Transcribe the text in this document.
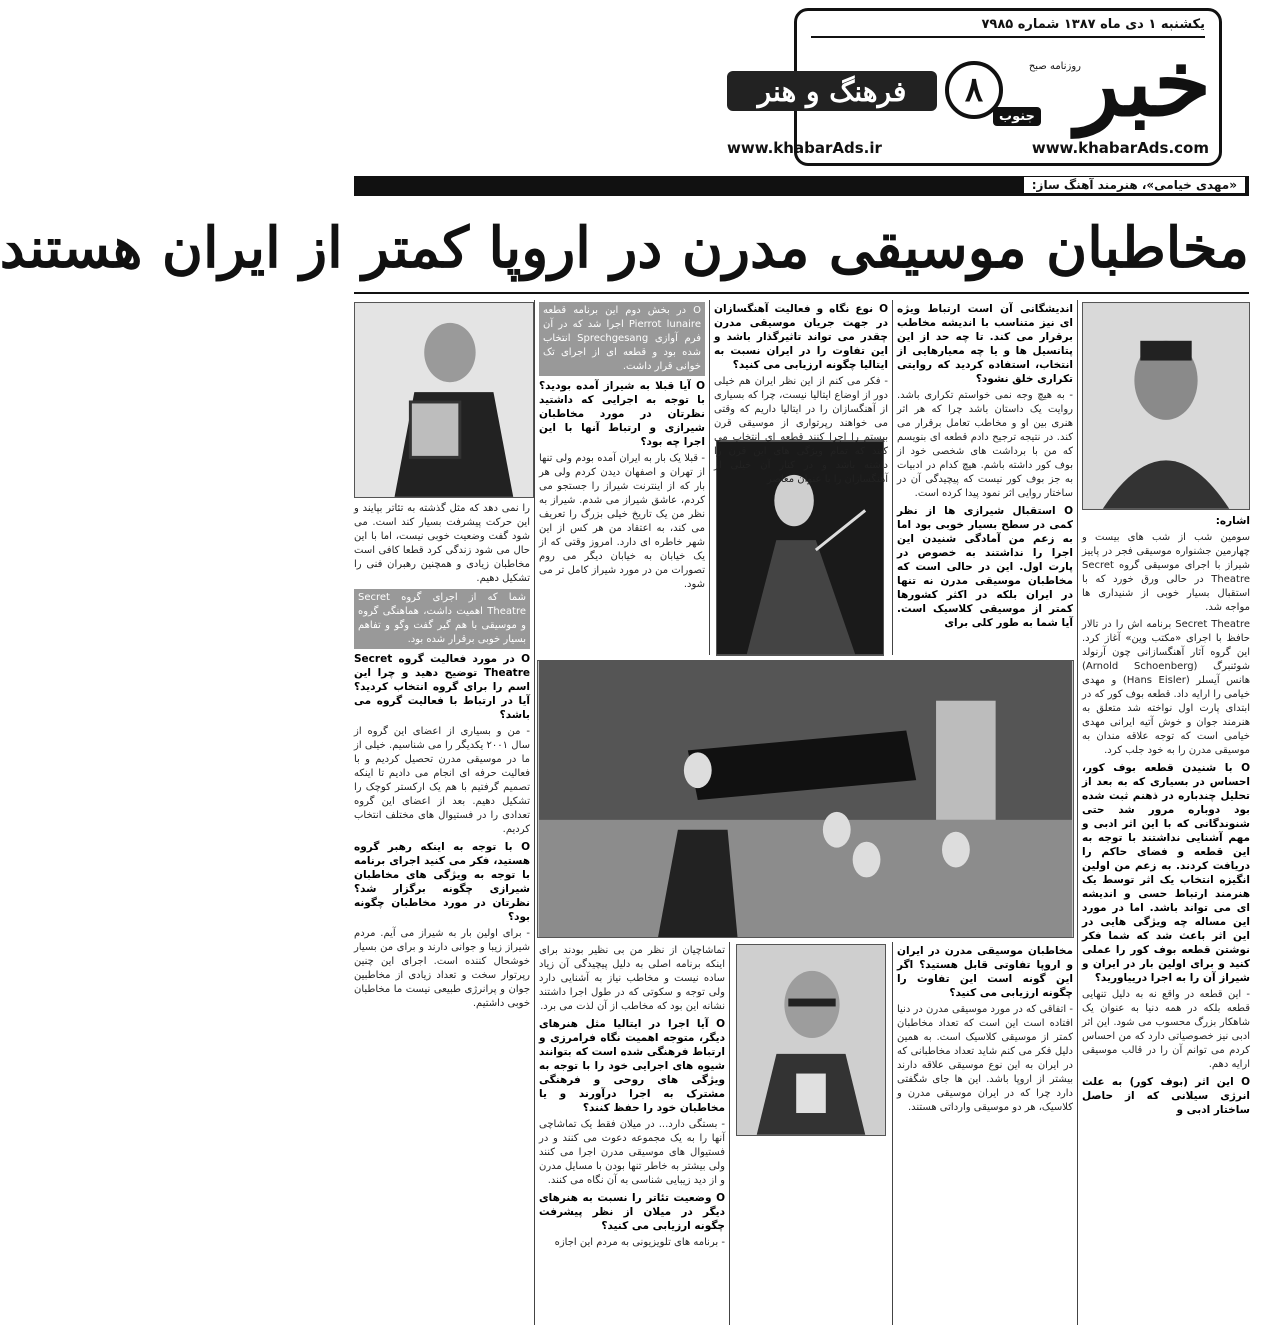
یکشنبه ۱ دی ماه ۱۳۸۷ شماره ۷۹۸۵
خبر
روزنامه صبح
جنوب
۸
فرهنگ و هنر
www.khabarAds.com
www.khabarAds.ir
«مهدی خیامی»، هنرمند آهنگ ساز:
مخاطبان موسیقی مدرن در اروپا کمتر از ایران هستند

اشاره:

سومین شب از شب های بیست و چهارمین جشنواره موسیقی فجر در پاییز شیراز با اجرای موسیقی گروه Secret Theatre در حالی ورق خورد که با استقبال بسیار خوبی از شنیداری ها مواجه شد.

Secret Theatre برنامه اش را در تالار حافظ با اجرای «مکتب وین» آغاز کرد. این گروه آثار آهنگسازانی چون آرنولد شوئنبرگ (Arnold Schoenberg) هانس آیسلر (Hans Eisler) و مهدی خیامی را ارایه داد. قطعه بوف کور که در ابتدای پارت اول نواخته شد متعلق به هنرمند جوان و خوش آتیه ایرانی مهدی خیامی است که توجه علاقه مندان به موسیقی مدرن را به خود جلب کرد.

O با شنیدن قطعه بوف کور، احساس در بسیاری که به بعد از تحلیل چندباره در ذهنم ثبت شده بود دوباره مرور شد حتی شنوندگانی که با این اثر ادبی و مهم آشنایی نداشتند با توجه به این قطعه و فضای حاکم را دریافت کردند. به زعم من اولین انگیزه انتخاب یک اثر توسط یک هنرمند ارتباط حسی و اندیشه ای می تواند باشد. اما در مورد این مساله چه ویژگی هایی در این اثر باعث شد که شما فکر نوشتن قطعه بوف کور را عملی کنید و برای اولین بار در ایران و شیراز آن را به اجرا درییاورید؟

- این قطعه در واقع نه به دلیل تنهایی قطعه بلکه در همه دنیا به عنوان یک شاهکار بزرگ محسوب می شود. این اثر ادبی نیز خصوصیاتی دارد که من احساس کردم می توانم آن را در قالب موسیقی ارایه دهم.

O این اثر (بوف کور) به علت انرژی سیلانی که از حاصل ساختار ادبی و

اندیشگانی آن است ارتباط ویژه ای نیز متناسب با اندیشه مخاطب برقرار می کند. تا چه حد از این پتانسیل ها و یا چه معیارهایی از انتخاب، استفاده کردید که روایتی تکراری خلق نشود؟

- به هیچ وجه نمی خواستم تکراری باشد. روایت یک داستان باشد چرا که هر اثر هنری بین او و مخاطب تعامل برقرار می کند. در نتیجه ترجیح دادم قطعه ای بنویسم که من با برداشت های شخصی خود از بوف کور داشته باشم. هیچ کدام در ادبیات به جز بوف کور نیست که پیچیدگی آن در ساختار روایی اثر نمود پیدا کرده است.

O استقبال شیرازی ها از نظر کمی در سطح بسیار خوبی بود اما به زعم من آمادگی شنیدن این اجرا را نداشتند به خصوص در پارت اول. این در حالی است که مخاطبان موسیقی مدرن نه تنها در ایران بلکه در اکثر کشورها کمتر از موسیقی کلاسیک است. آیا شما به طور کلی برای

O نوع نگاه و فعالیت آهنگسازان در جهت جریان موسیقی مدرن چقدر می تواند تاثیرگذار باشد و این تفاوت را در ایران نسبت به ایتالیا چگونه ارزیابی می کنید؟

- فکر می کنم از این نظر ایران هم خیلی دور از اوضاع ایتالیا نیست، چرا که بسیاری از آهنگسازان را در ایتالیا داریم که وقتی می خواهند رپرتواری از موسیقی قرن بیستم را اجرا کنند قطعه ای انتخاب می کنند که تمام ویژگی های این قرن را داشته باشد و در کنار آن خیلی از آهنگسازان را با عنوان معاصر

O در بخش دوم این برنامه قطعه Pierrot lunaire اجرا شد که در آن فرم آوازی Sprechgesang انتخاب شده بود و قطعه ای از اجرای تک خوانی قرار داشت.

O آیا قبلا به شیراز آمده بودید؟ با توجه به اجرایی که داشتید نظرتان در مورد مخاطبان شیرازی و ارتباط آنها با این اجرا چه بود؟

- قبلا یک بار به ایران آمده بودم ولی تنها از تهران و اصفهان دیدن کردم ولی هر بار که از اینترنت شیراز را جستجو می کردم، عاشق شیراز می شدم. شیراز به نظر من یک تاریخ خیلی بزرگ را تعریف می کند، به اعتقاد من هر کس از این شهر خاطره ای دارد. امروز وقتی که از یک خیابان به خیابان دیگر می روم تصورات من در مورد شیراز کامل تر می شود.

را نمی دهد که مثل گذشته به تئاتر بپایند و این حرکت پیشرفت بسیار کند است. می شود گفت وضعیت خوبی نیست، اما با این حال می شود زندگی کرد قطعا کافی است مخاطبان زیادی و همچنین رهبران فنی را تشکیل دهیم.

شما که از اجرای گروه Secret Theatre اهمیت داشت، هماهنگی گروه و موسیقی با هم گیر گفت وگو و تفاهم بسیار خوبی برقرار شده بود.

O در مورد فعالیت گروه Secret Theatre توضیح دهید و چرا این اسم را برای گروه انتخاب کردید؟ آیا در ارتباط با فعالیت گروه می باشد؟

- من و بسیاری از اعضای این گروه از سال ۲۰۰۱ یکدیگر را می شناسیم. خیلی از ما در موسیقی مدرن تحصیل کردیم و با فعالیت حرفه ای انجام می دادیم تا اینکه تصمیم گرفتیم با هم یک ارکستر کوچک را تشکیل دهیم. بعد از اعضای این گروه تعدادی را در فستیوال های مختلف انتخاب کردیم.

O با توجه به اینکه رهبر گروه هستید، فکر می کنید اجرای برنامه با توجه به ویژگی های مخاطبان شیرازی چگونه برگزار شد؟ نظرتان در مورد مخاطبان چگونه بود؟

- برای اولین بار به شیراز می آیم. مردم شیراز زیبا و جوانی دارند و برای من بسیار خوشحال کننده است. اجرای این چنین رپرتوار سخت و تعداد زیادی از مخاطبین جوان و پرانرژی طبیعی نیست ما مخاطبان خوبی داشتیم.

مخاطبان موسیقی مدرن در ایران و اروپا تفاوتی قابل هستید؟ اگر این گونه است این تفاوت را چگونه ارزیابی می کنید؟

- اتفاقی که در مورد موسیقی مدرن در دنیا افتاده است این است که تعداد مخاطبان کمتر از موسیقی کلاسیک است. به همین دلیل فکر می کنم شاید تعداد مخاطبانی که در ایران به این نوع موسیقی علاقه دارند بیشتر از اروپا باشد. این ها جای شگفتی دارد چرا که در ایران موسیقی مدرن و کلاسیک، هر دو موسیقی وارداتی هستند.

تماشاچیان از نظر من بی نظیر بودند برای اینکه برنامه اصلی به دلیل پیچیدگی آن زیاد ساده نیست و مخاطب نیاز به آشنایی دارد ولی توجه و سکوتی که در طول اجرا داشتند نشانه این بود که مخاطب از آن لذت می برد.

O آیا اجرا در ایتالیا مثل هنرهای دیگر، متوجه اهمیت نگاه فرامرزی و ارتباط فرهنگی شده است که بتوانند شیوه های اجرایی خود را با توجه به ویژگی های روحی و فرهنگی مشترک به اجرا درآورند و یا مخاطبان خود را حفظ کنند؟

- بستگی دارد... در میلان فقط یک تماشاچی آنها را به یک مجموعه دعوت می کنند و در فستیوال های موسیقی مدرن اجرا می کنند ولی بیشتر به خاطر تنها بودن با مسایل مدرن و از دید زیبایی شناسی به آن نگاه می کنند.

O وضعیت تئاتر را نسبت به هنرهای دیگر در میلان از نظر پیشرفت چگونه ارزیابی می کنید؟

- برنامه های تلویزیونی به مردم این اجازه
